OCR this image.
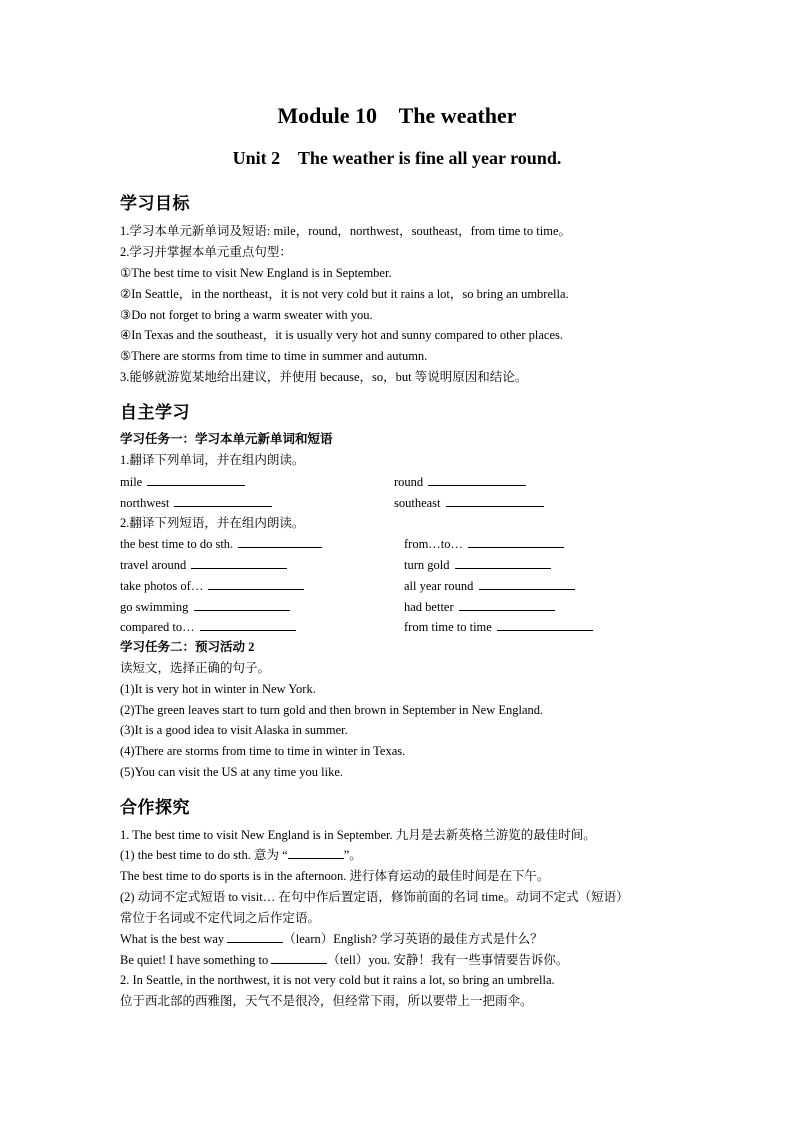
Module 10    The weather
Unit 2    The weather is fine all year round.
学习目标
1.学习本单元新单词及短语: mile，round，northwest，southeast，from time to time。
2.学习并掌握本单元重点句型：
①The best time to visit New England is in September.
②In Seattle，in the northeast，it is not very cold but it rains a lot，so bring an umbrella.
③Do not forget to bring a warm sweater with you.
④In Texas and the southeast，it is usually very hot and sunny compared to other places.
⑤There are storms from time to time in summer and autumn.
3.能够就游览某地给出建议，并使用 because，so，but 等说明原因和结论。
自主学习
学习任务一：学习本单元新单词和短语
1.翻译下列单词，并在组内朗读。
mile	round
northwest	southeast
2.翻译下列短语，并在组内朗读。
the best time to do sth.	from…to…
travel around	turn gold
take photos of…	all year round
go swimming	had better
compared to…	from time to time
学习任务二：预习活动 2
读短文，选择正确的句子。
(1)It is very hot in winter in New York.
(2)The green leaves start to turn gold and then brown in September in New England.
(3)It is a good idea to visit Alaska in summer.
(4)There are storms from time to time in winter in Texas.
(5)You can visit the US at any time you like.
合作探究
1. The best time to visit New England is in September. 九月是去新英格兰游览的最佳时间。
(1) the best time to do sth. 意为 “	”。
The best time to do sports is in the afternoon. 进行体育运动的最佳时间是在下午。
(2) 动词不定式短语 to visit… 在句中作后置定语，修饰前面的名词 time。动词不定式（短语）
常位于名词或不定代词之后作定语。
What is the best way	（learn）English? 学习英语的最佳方式是什么？
Be quiet! I have something to	（tell）you. 安静！我有一些事情要告诉你。
2. In Seattle, in the northwest, it is not very cold but it rains a lot, so bring an umbrella.
位于西北部的西雅图，天气不是很冷，但经常下雨，所以要带上一把雨伞。
